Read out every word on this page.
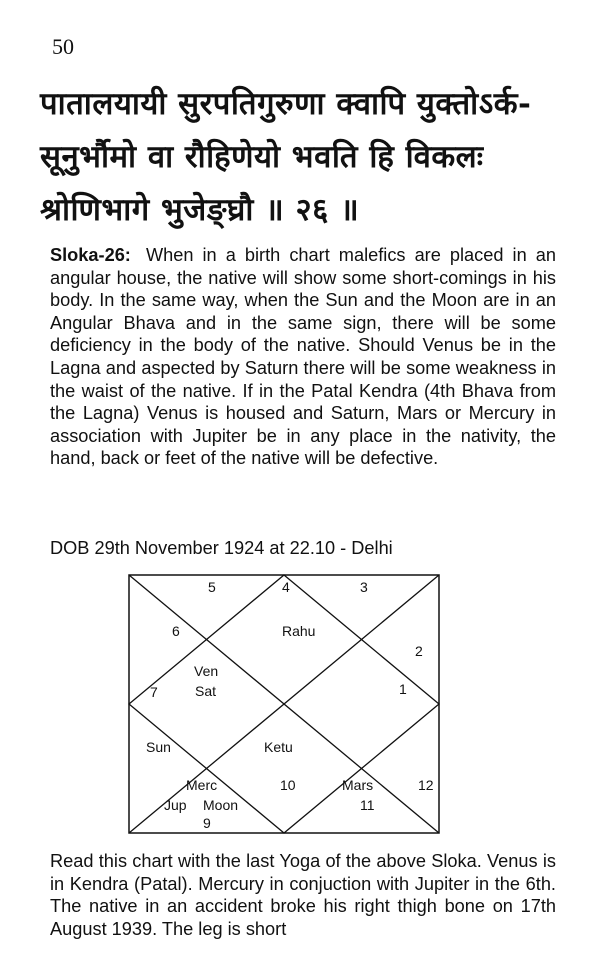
50
पातालयायी सुरपतिगुरुणा क्वापि युक्तोऽर्क-
सूनुर्भौमो वा रौहिणेयो भवति हि विकलः
श्रोणिभागे भुजेङ्घ्रौ ॥ २६ ॥
Sloka-26: When in a birth chart malefics are placed in an angular house, the native will show some short-comings in his body. In the same way, when the Sun and the Moon are in an Angular Bhava and in the same sign, there will be some deficiency in the body of the native. Should Venus be in the Lagna and aspected by Saturn there will be some weakness in the waist of the native. If in the Patal Kendra (4th Bhava from the Lagna) Venus is housed and Saturn, Mars or Mercury in association with Jupiter be in any place in the nativity, the hand, back or feet of the native will be defective.
DOB 29th November 1924 at 22.10 - Delhi
5	4	3
6
2
7	1
10	12
11
9
Rahu
Ven
Sat
Sun	Ketu
Merc
Jup Moon
Mars
Read this chart with the last Yoga of the above Sloka. Venus is in Kendra (Patal). Mercury in conjuction with Jupiter in the 6th. The native in an accident broke his right thigh bone on 17th August 1939. The leg is short
